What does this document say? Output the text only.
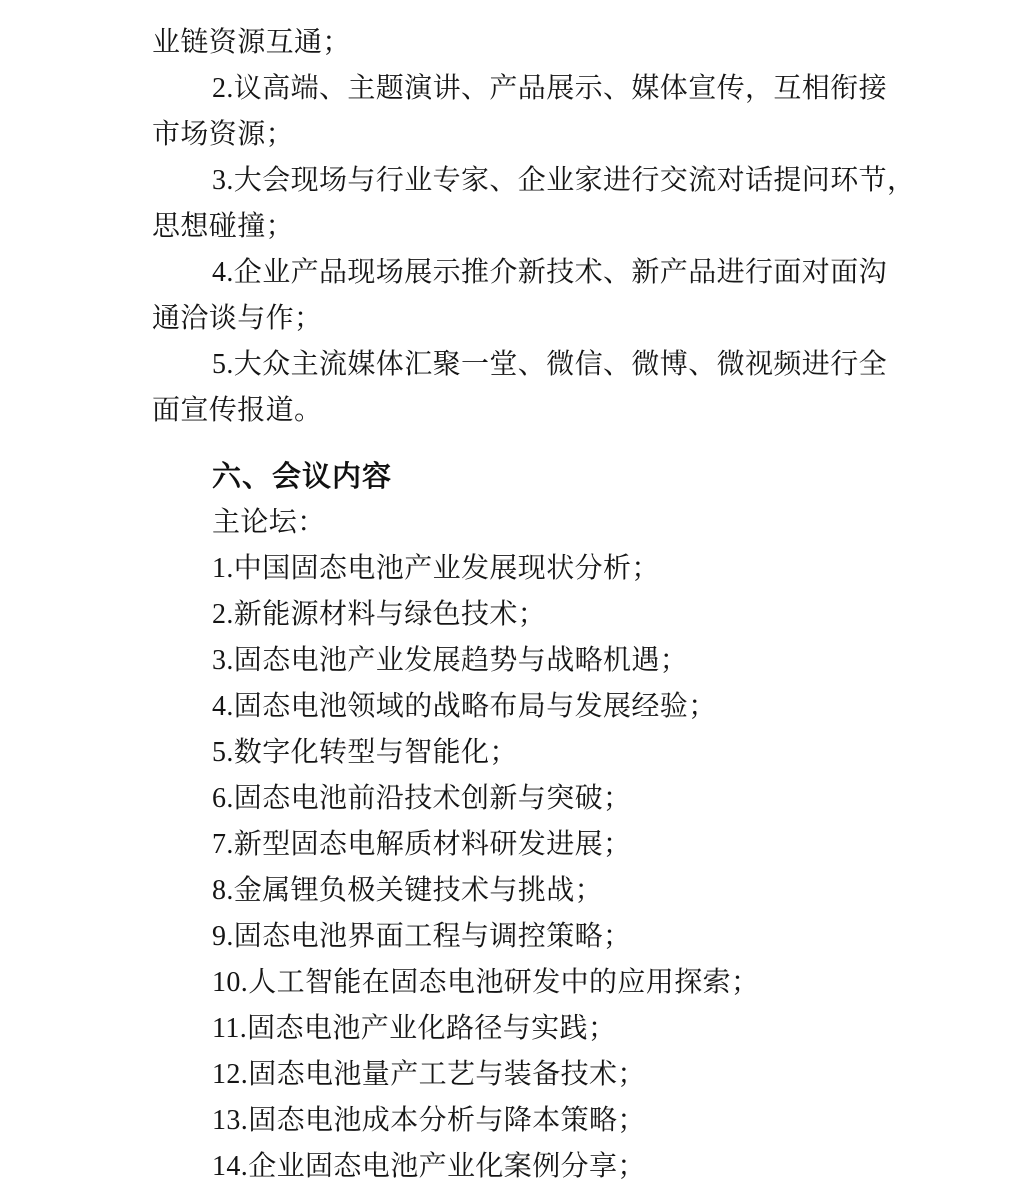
业链资源互通；
2.议高端、主题演讲、产品展示、媒体宣传，互相衔接
市场资源；
3.大会现场与行业专家、企业家进行交流对话提问环节，
思想碰撞；
4.企业产品现场展示推介新技术、新产品进行面对面沟
通洽谈与作；
5.大众主流媒体汇聚一堂、微信、微博、微视频进行全
面宣传报道。
六、会议内容
主论坛：
1.中国固态电池产业发展现状分析；
2.新能源材料与绿色技术；
3.固态电池产业发展趋势与战略机遇；
4.固态电池领域的战略布局与发展经验；
5.数字化转型与智能化；
6.固态电池前沿技术创新与突破；
7.新型固态电解质材料研发进展；
8.金属锂负极关键技术与挑战；
9.固态电池界面工程与调控策略；
10.人工智能在固态电池研发中的应用探索；
11.固态电池产业化路径与实践；
12.固态电池量产工艺与装备技术；
13.固态电池成本分析与降本策略；
14.企业固态电池产业化案例分享；
